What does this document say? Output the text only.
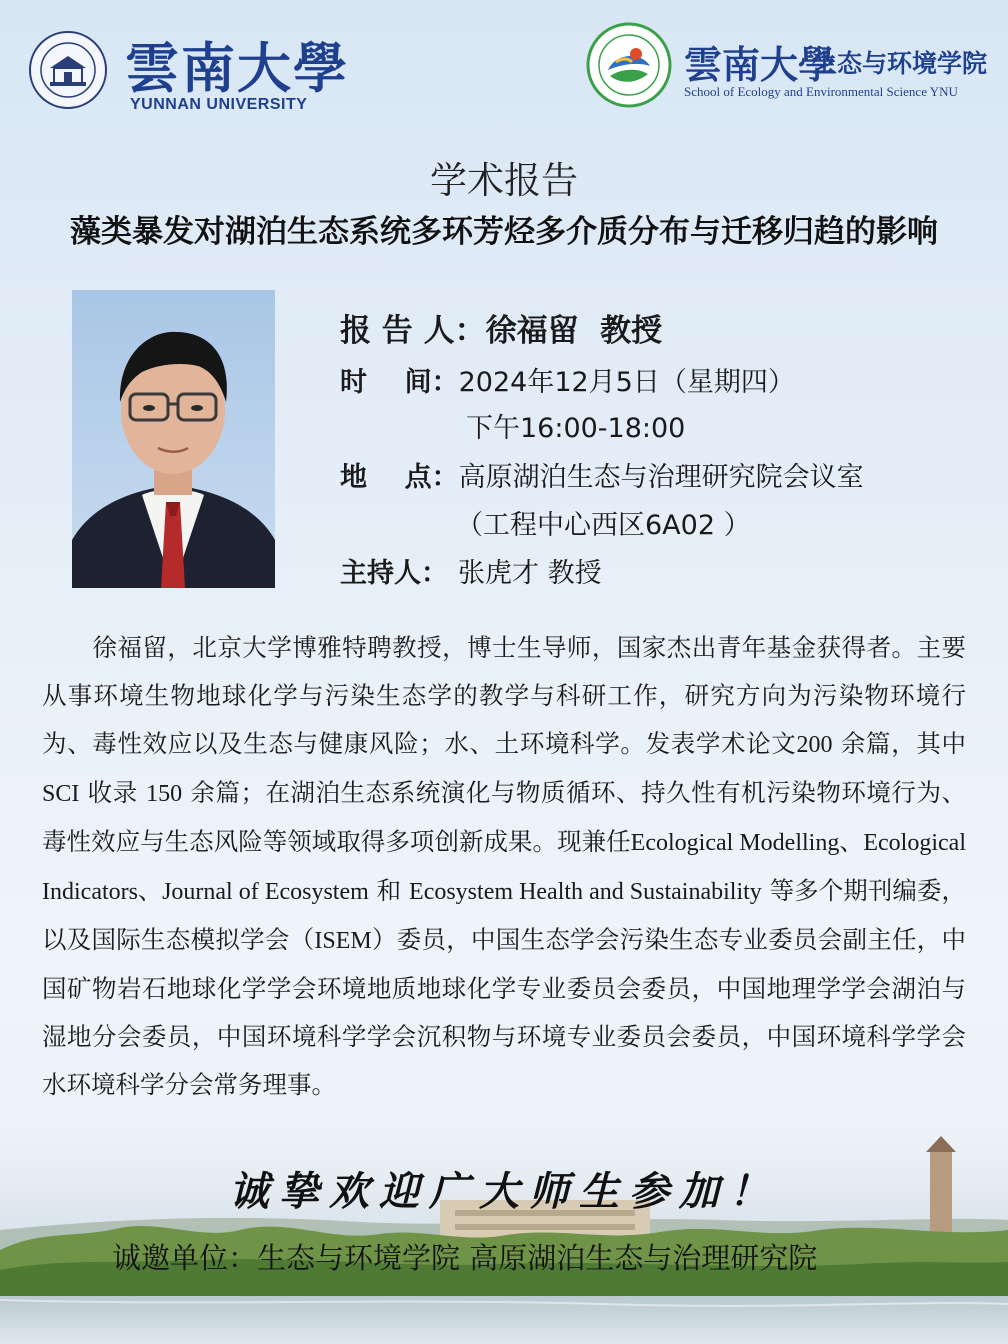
雲南大學
YUNNAN UNIVERSITY
雲南大學
生态与环境学院
School of Ecology and Environmental Science YNU
学术报告
藻类暴发对湖泊生态系统多环芳烃多介质分布与迁移归趋的影响
报 告 人：徐福留  教授
时    间：2024年12月5日（星期四）
下午16:00-18:00
地    点：高原湖泊生态与治理研究院会议室
（工程中心西区6A02 ）
主持人： 张虎才 教授
徐福留，北京大学博雅特聘教授，博士生导师，国家杰出青年基金获得者。主要从事环境生物地球化学与污染生态学的教学与科研工作，研究方向为污染物环境行为、毒性效应以及生态与健康风险；水、土环境科学。发表学术论文200 余篇，其中 SCI 收录 150 余篇；在湖泊生态系统演化与物质循环、持久性有机污染物环境行为、毒性效应与生态风险等领域取得多项创新成果。现兼任Ecological Modelling、Ecological Indicators、Journal of Ecosystem 和 Ecosystem Health and Sustainability 等多个期刊编委，以及国际生态模拟学会（ISEM）委员，中国生态学会污染生态专业委员会副主任，中国矿物岩石地球化学学会环境地质地球化学专业委员会委员，中国地理学学会湖泊与湿地分会委员，中国环境科学学会沉积物与环境专业委员会委员，中国环境科学学会水环境科学分会常务理事。
诚挚欢迎广大师生参加！
诚邀单位：生态与环境学院 高原湖泊生态与治理研究院
